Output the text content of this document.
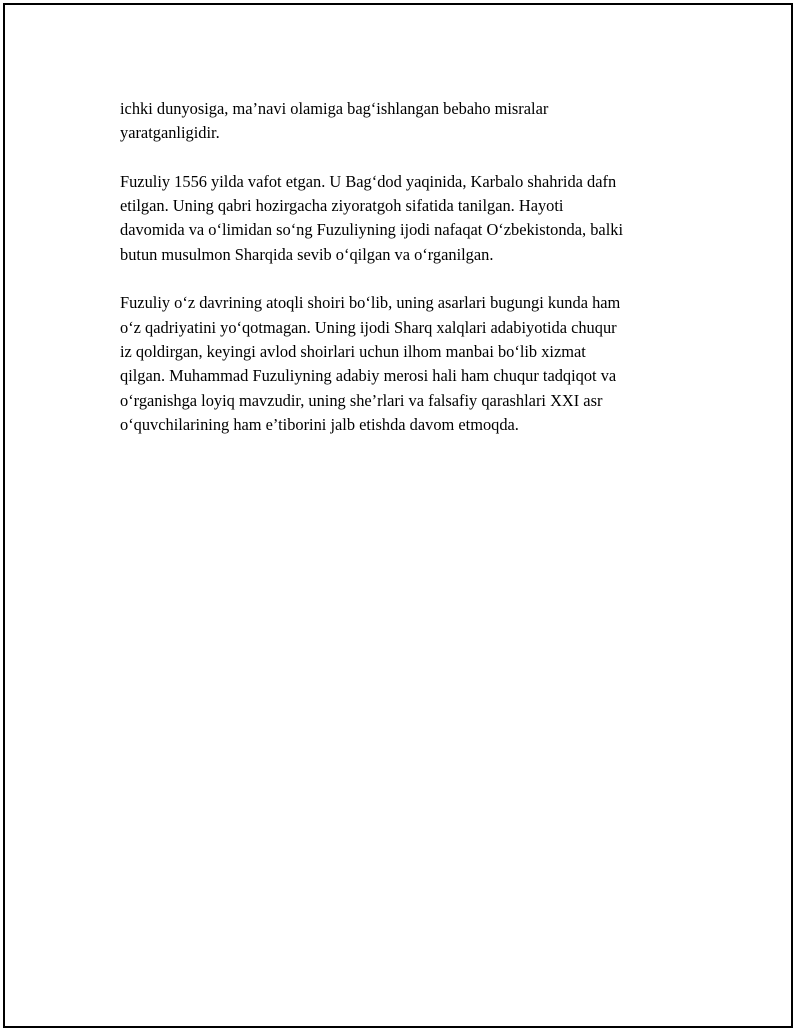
ichki dunyosiga, ma’navi olamiga bag‘ishlangan bebaho misralar
yaratganligidir.

Fuzuliy 1556 yilda vafot etgan. U Bag‘dod yaqinida, Karbalo shahrida dafn
etilgan. Uning qabri hozirgacha ziyoratgoh sifatida tanilgan. Hayoti
davomida va o‘limidan so‘ng Fuzuliyning ijodi nafaqat O‘zbekistonda, balki
butun musulmon Sharqida sevib o‘qilgan va o‘rganilgan.

Fuzuliy o‘z davrining atoqli shoiri bo‘lib, uning asarlari bugungi kunda ham
o‘z qadriyatini yo‘qotmagan. Uning ijodi Sharq xalqlari adabiyotida chuqur
iz qoldirgan, keyingi avlod shoirlari uchun ilhom manbai bo‘lib xizmat
qilgan. Muhammad Fuzuliyning adabiy merosi hali ham chuqur tadqiqot va
o‘rganishga loyiq mavzudir, uning she’rlari va falsafiy qarashlari XXI asr
o‘quvchilarining ham e’tiborini jalb etishda davom etmoqda.
